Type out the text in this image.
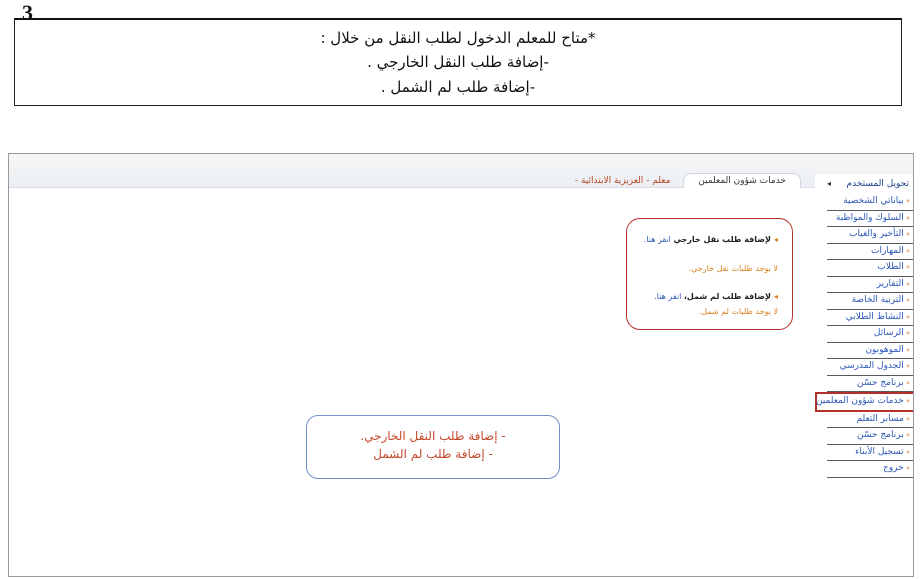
3
*متاح للمعلم الدخول لطلب النقل من خلال :
-إضافة طلب النقل الخارجي .
-إضافة طلب لم الشمل .
خدمات شؤون المعلمين معلم - العزيزية الابتدائية -	تحويل المستخدم
◂
»بياناتي الشخصية
»السلوك والمواظبة
»التأخير والغياب
»المهارات
»الطلاب
»التقارير
»التربية الخاصة
»النشاط الطلابي
»الرسائل
»الموهوبون
»الجدول المدرسي
»برنامج حسّن
»خدمات شؤون المعلمين
»مسابر التعلم
»برنامج حسّن
»تسجيل الأبناء
»خروج
◂لإضافة طلب نقل خارجي انقر هنا.
لا يوجد طلبات نقل خارجي.
◂لإضافة طلب لم شمل، انقر هنا.
لا يوجد طلبات لم شمل.
- إضافة طلب النقل الخارجي.
- إضافة طلب لم الشمل
